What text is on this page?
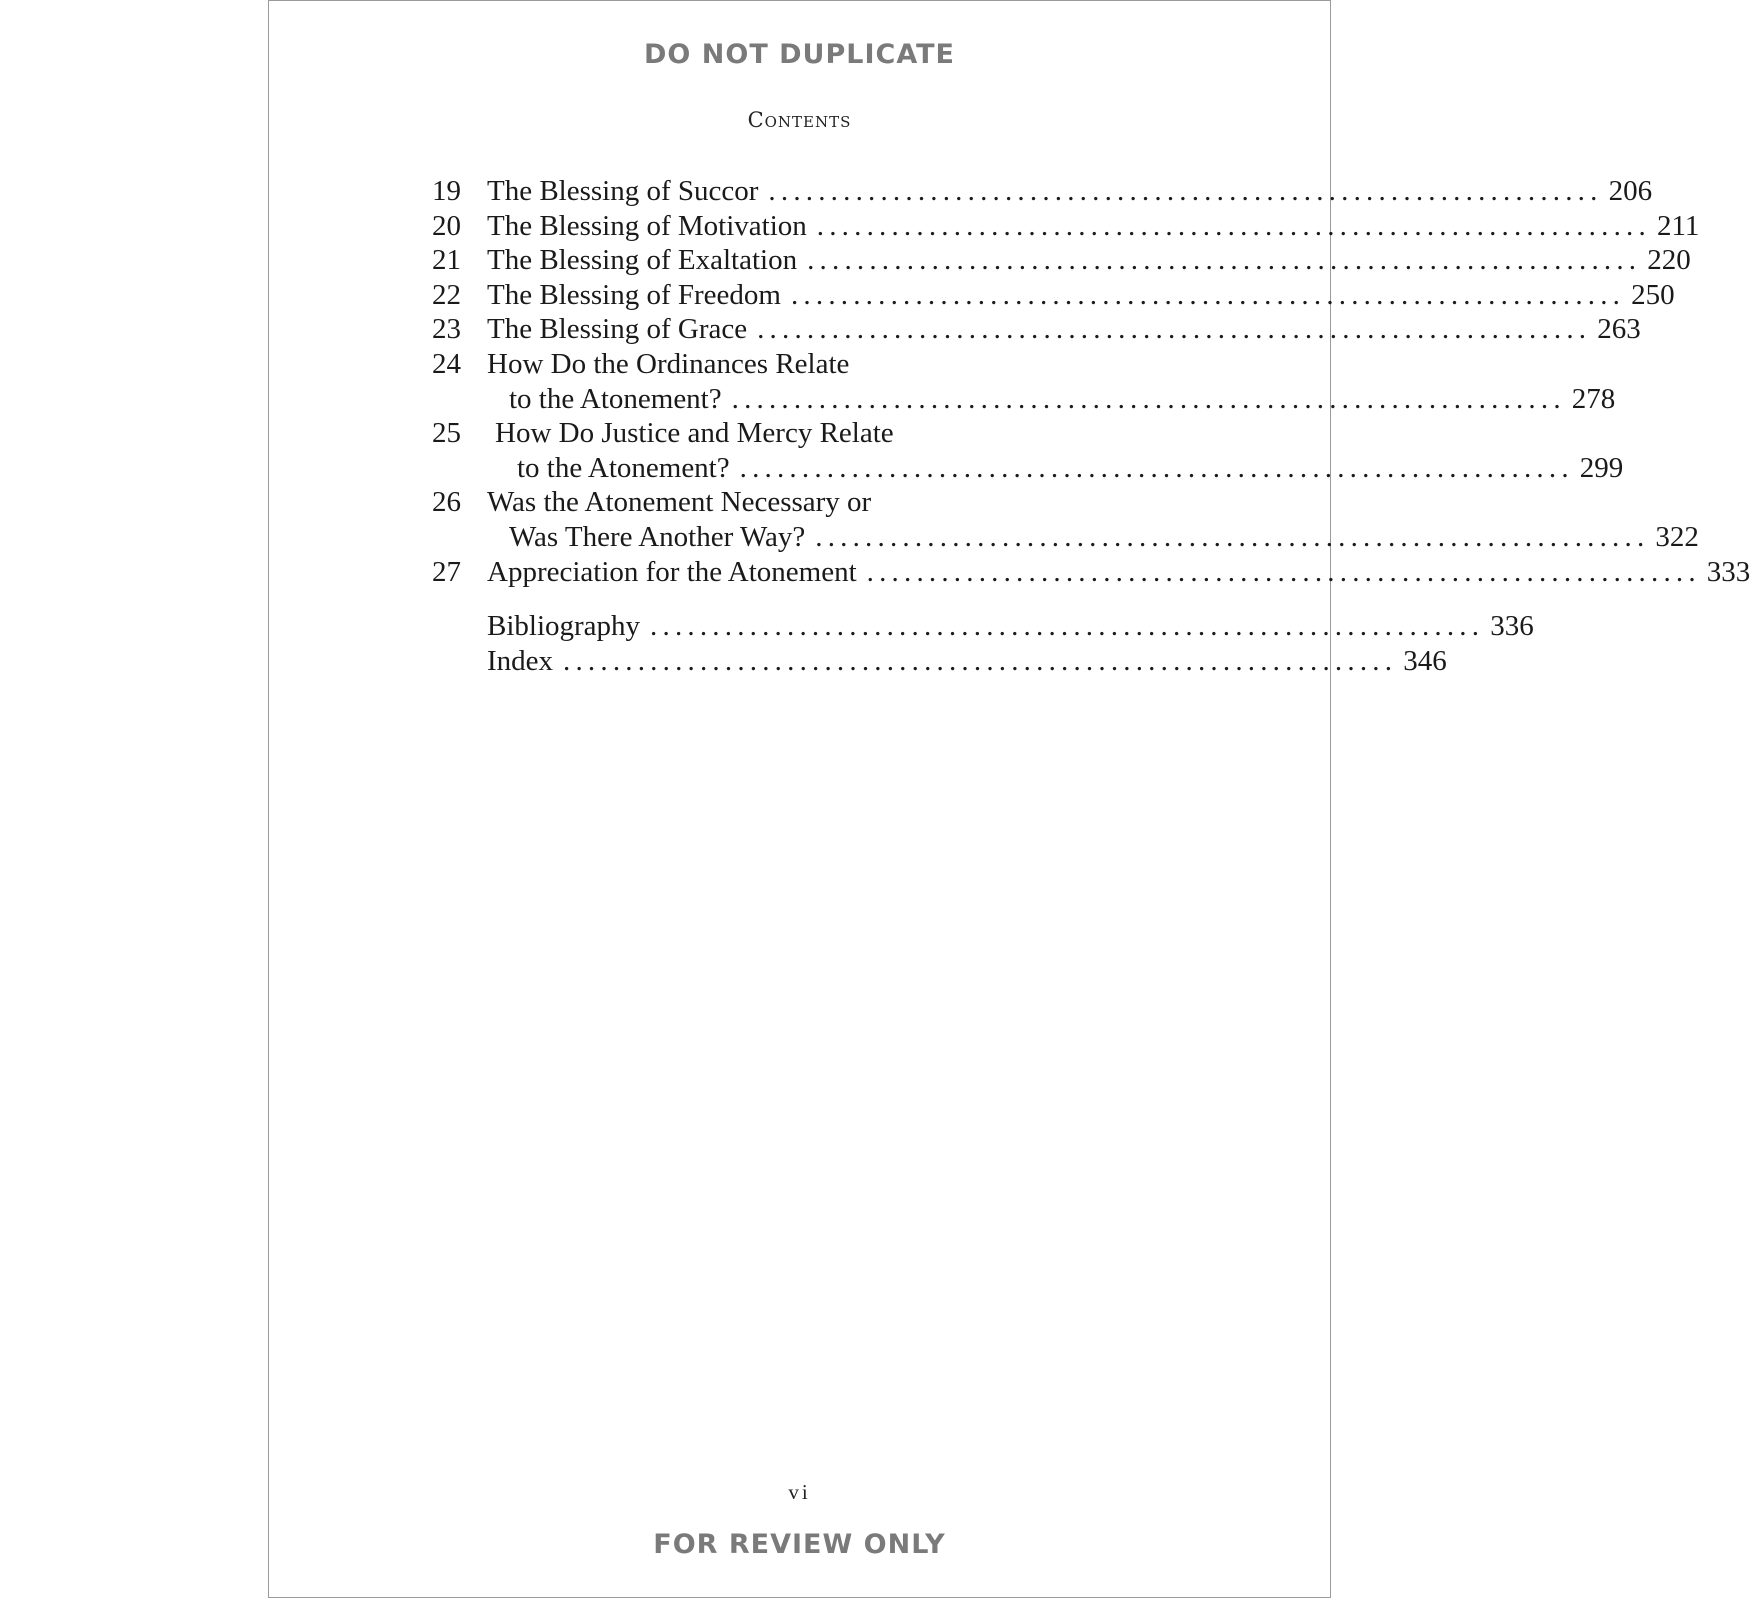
DO NOT DUPLICATE
Contents
19 The Blessing of Succor ................................................................... 206
20 The Blessing of Motivation ................................................................... 211
21 The Blessing of Exaltation ................................................................... 220
22 The Blessing of Freedom ................................................................... 250
23 The Blessing of Grace ................................................................... 263
24 How Do the Ordinances Relate
to the Atonement? ................................................................... 278
25	How Do Justice and Mercy Relate
to the Atonement? ................................................................... 299
26 Was the Atonement Necessary or
Was There Another Way? ................................................................... 322
27 Appreciation for the Atonement ................................................................... 333
Bibliography ................................................................... 336
Index ................................................................... 346
vi
FOR REVIEW ONLY
